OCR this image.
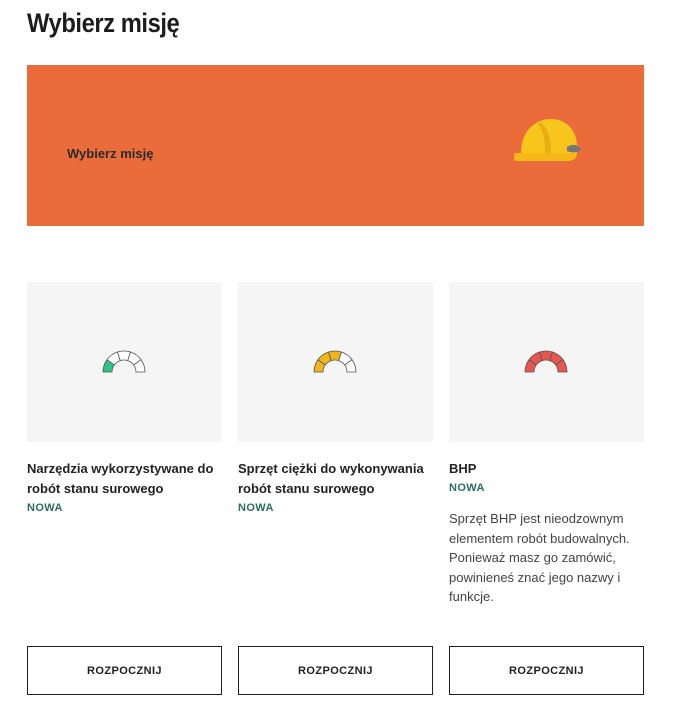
Wybierz misję
Wybierz misję
Narzędzia wykorzystywane do robót stanu surowego
NOWA
Sprzęt ciężki do wykonywania robót stanu surowego
NOWA
BHP
NOWA
Sprzęt BHP jest nieodzownym elementem robót budowalnych. Ponieważ masz go zamówić, powinieneś znać jego nazwy i funkcje.
ROZPOCZNIJ	ROZPOCZNIJ	ROZPOCZNIJ
